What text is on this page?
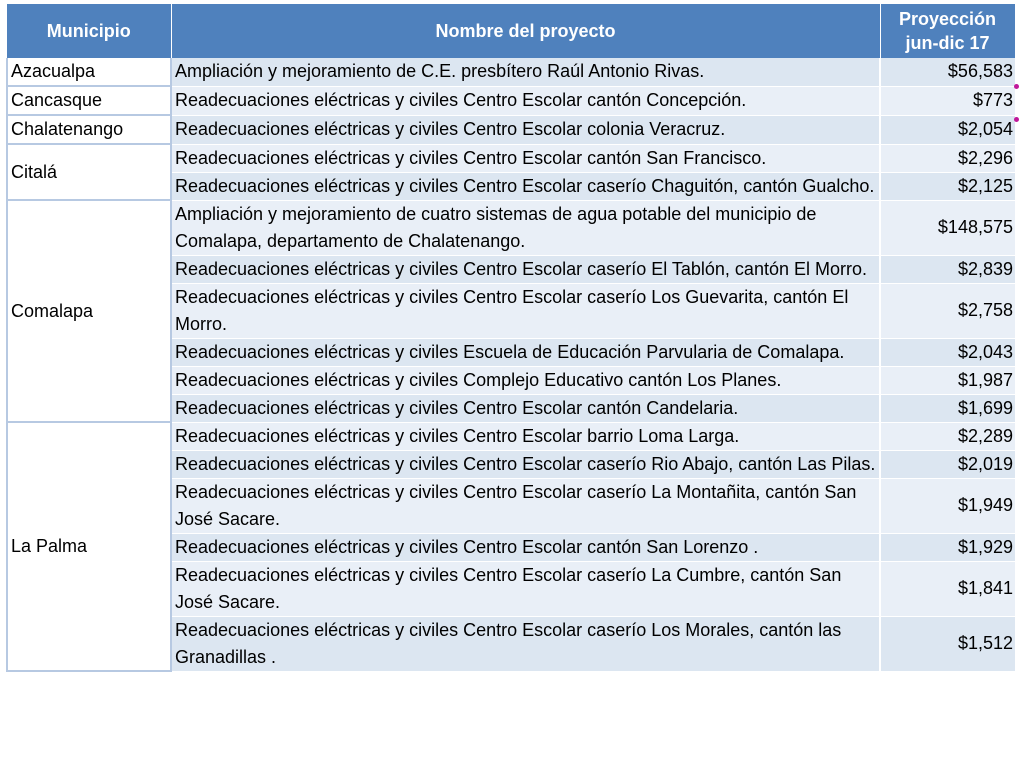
Municipio	Nombre del proyecto	Proyección jun-dic 17
Azacualpa	Ampliación y mejoramiento de C.E. presbítero Raúl Antonio Rivas.	$56,583
Cancasque	Readecuaciones eléctricas y civiles Centro Escolar cantón Concepción.	$773
Chalatenango	Readecuaciones eléctricas y civiles Centro Escolar colonia Veracruz.	$2,054
Citalá	Readecuaciones eléctricas y civiles Centro Escolar cantón San Francisco.	$2,296
	Readecuaciones eléctricas y civiles Centro Escolar caserío Chaguitón, cantón Gualcho.	$2,125
Comalapa	Ampliación y mejoramiento de cuatro sistemas de agua potable del municipio de Comalapa, departamento de Chalatenango.	$148,575
	Readecuaciones eléctricas y civiles Centro Escolar caserío El Tablón, cantón El Morro.	$2,839
	Readecuaciones eléctricas y civiles Centro Escolar caserío Los Guevarita, cantón El Morro.	$2,758
	Readecuaciones eléctricas y civiles Escuela de Educación Parvularia de Comalapa.	$2,043
	Readecuaciones eléctricas y civiles Complejo Educativo cantón Los Planes.	$1,987
	Readecuaciones eléctricas y civiles Centro Escolar cantón Candelaria.	$1,699
La Palma	Readecuaciones eléctricas y civiles Centro Escolar barrio Loma Larga.	$2,289
	Readecuaciones eléctricas y civiles Centro Escolar caserío Rio Abajo, cantón Las Pilas.	$2,019
	Readecuaciones eléctricas y civiles Centro Escolar caserío La Montañita, cantón San José Sacare.	$1,949
	Readecuaciones eléctricas y civiles Centro Escolar cantón San Lorenzo .	$1,929
	Readecuaciones eléctricas y civiles Centro Escolar caserío La Cumbre, cantón San José Sacare.	$1,841
	Readecuaciones eléctricas y civiles Centro Escolar caserío Los Morales, cantón las Granadillas .	$1,512
